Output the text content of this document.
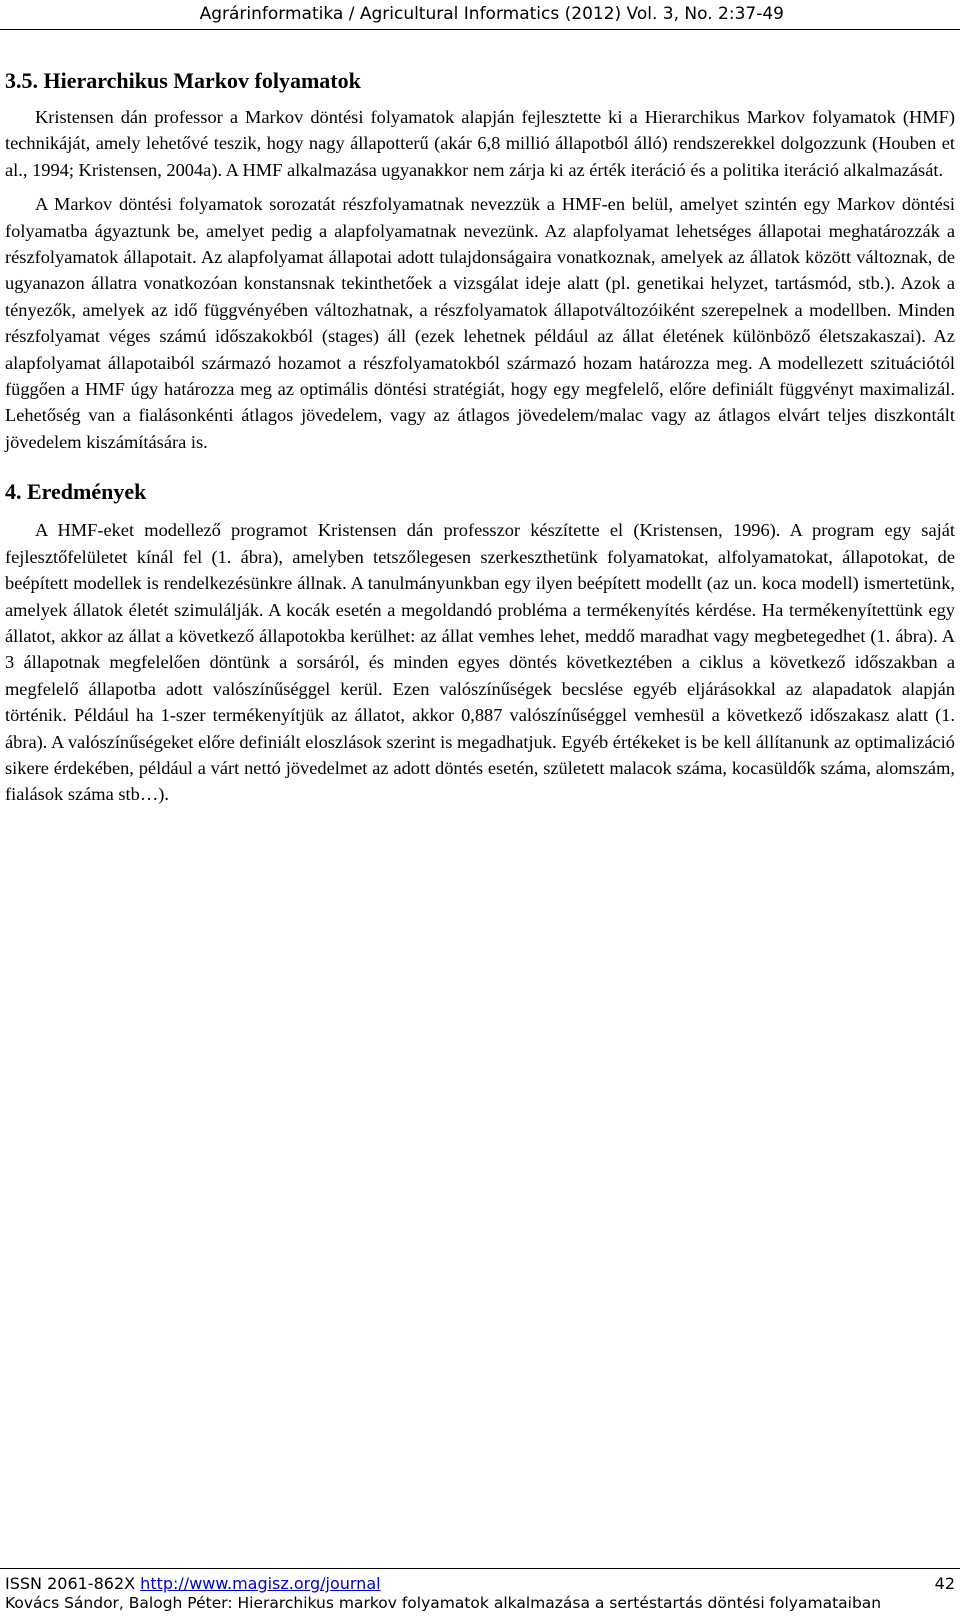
Agrárinformatika / Agricultural Informatics (2012) Vol. 3, No. 2:37-49
3.5. Hierarchikus Markov folyamatok

Kristensen dán professor a Markov döntési folyamatok alapján fejlesztette ki a Hierarchikus Markov folyamatok (HMF) technikáját, amely lehetővé teszik, hogy nagy állapotterű (akár 6,8 millió állapotból álló) rendszerekkel dolgozzunk (Houben et al., 1994; Kristensen, 2004a). A HMF alkalmazása ugyanakkor nem zárja ki az érték iteráció és a politika iteráció alkalmazását.

A Markov döntési folyamatok sorozatát részfolyamatnak nevezzük a HMF-en belül, amelyet szintén egy Markov döntési folyamatba ágyaztunk be, amelyet pedig a alapfolyamatnak nevezünk. Az alapfolyamat lehetséges állapotai meghatározzák a részfolyamatok állapotait. Az alapfolyamat állapotai adott tulajdonságaira vonatkoznak, amelyek az állatok között változnak, de ugyanazon állatra vonatkozóan konstansnak tekinthetőek a vizsgálat ideje alatt (pl. genetikai helyzet, tartásmód, stb.). Azok a tényezők, amelyek az idő függvényében változhatnak, a részfolyamatok állapotváltozóiként szerepelnek a modellben. Minden részfolyamat véges számú időszakokból (stages) áll (ezek lehetnek például az állat életének különböző életszakaszai). Az alapfolyamat állapotaiból származó hozamot a részfolyamatokból származó hozam határozza meg. A modellezett szituációtól függően a HMF úgy határozza meg az optimális döntési stratégiát, hogy egy megfelelő, előre definiált függvényt maximalizál. Lehetőség van a fialásonkénti átlagos jövedelem, vagy az átlagos jövedelem/malac vagy az átlagos elvárt teljes diszkontált jövedelem kiszámítására is.

4. Eredmények

A HMF-eket modellező programot Kristensen dán professzor készítette el (Kristensen, 1996). A program egy saját fejlesztőfelületet kínál fel (1. ábra), amelyben tetszőlegesen szerkeszthetünk folyamatokat, alfolyamatokat, állapotokat, de beépített modellek is rendelkezésünkre állnak. A tanulmányunkban egy ilyen beépített modellt (az un. koca modell) ismertetünk, amelyek állatok életét szimulálják. A kocák esetén a megoldandó probléma a termékenyítés kérdése. Ha termékenyítettünk egy állatot, akkor az állat a következő állapotokba kerülhet: az állat vemhes lehet, meddő maradhat vagy megbetegedhet (1. ábra). A 3 állapotnak megfelelően döntünk a sorsáról, és minden egyes döntés következtében a ciklus a következő időszakban a megfelelő állapotba adott valószínűséggel kerül. Ezen valószínűségek becslése egyéb eljárásokkal az alapadatok alapján történik. Például ha 1-szer termékenyítjük az állatot, akkor 0,887 valószínűséggel vemhesül a következő időszakasz alatt (1. ábra). A valószínűségeket előre definiált eloszlások szerint is megadhatjuk. Egyéb értékeket is be kell állítanunk az optimalizáció sikere érdekében, például a várt nettó jövedelmet az adott döntés esetén, született malacok száma, kocasüldők száma, alomszám, fialások száma stb…).

ISSN 2061-862X http://www.magisz.org/journal	42
Kovács Sándor, Balogh Péter: Hierarchikus markov folyamatok alkalmazása a sertéstartás döntési folyamataiban
